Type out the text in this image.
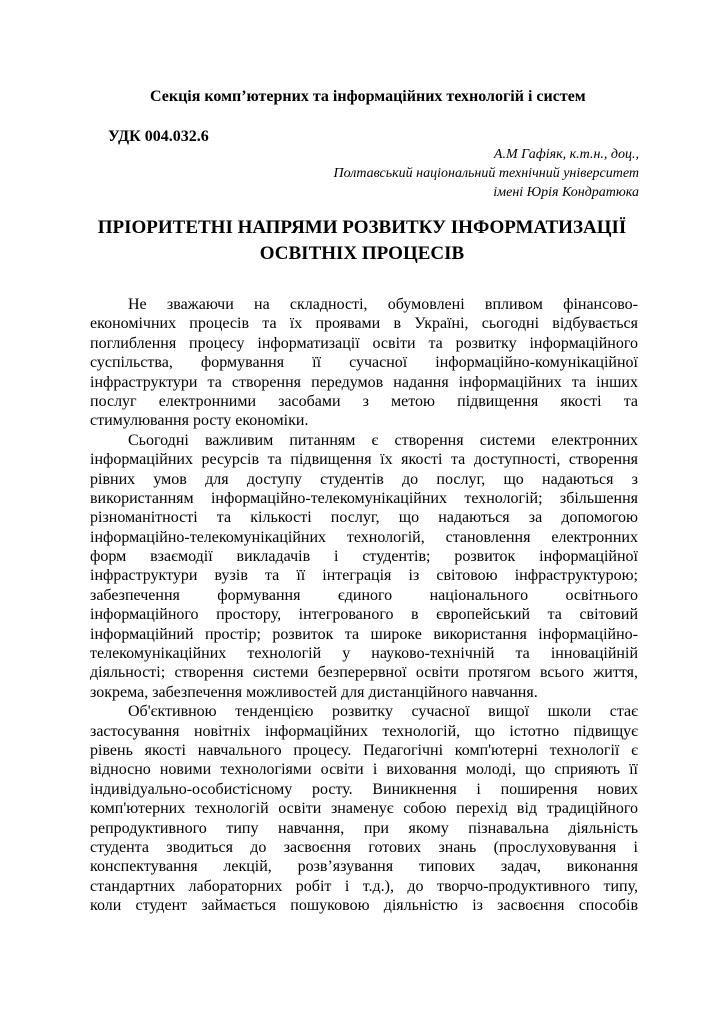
Секція комп’ютерних та інформаційних технологій і систем
УДК 004.032.6
А.М Гафіяк, к.т.н., доц.,
Полтавський національний технічний університет
імені Юрія Кондратюка
ПРІОРИТЕТНІ НАПРЯМИ РОЗВИТКУ ІНФОРМАТИЗАЦІЇ
ОСВІТНІХ ПРОЦЕСІВ
Не зважаючи на складності, обумовлені впливом фінансово-
економічних процесів та їх проявами в Україні, сьогодні відбувається
поглиблення процесу інформатизації освіти та розвитку інформаційного
суспільства, формування її сучасної інформаційно-комунікаційної
інфраструктури та створення передумов надання інформаційних та інших
послуг електронними засобами з метою підвищення якості та
стимулювання росту економіки.
Сьогодні важливим питанням є створення системи електронних
інформаційних ресурсів та підвищення їх якості та доступності, створення
рівних умов для доступу студентів до послуг, що надаються з
використанням інформаційно-телекомунікаційних технологій; збільшення
різноманітності та кількості послуг, що надаються за допомогою
інформаційно-телекомунікаційних технологій, становлення електронних
форм взаємодії викладачів і студентів; розвиток інформаційної
інфраструктури вузів та її інтеграція із світовою інфраструктурою;
забезпечення формування єдиного національного освітнього
інформаційного простору, інтегрованого в європейський та світовий
інформаційний простір; розвиток та широке використання інформаційно-
телекомунікаційних технологій у науково-технічній та інноваційній
діяльності; створення системи безперервної освіти протягом всього життя,
зокрема, забезпечення можливостей для дистанційного навчання.
Об'єктивною тенденцією розвитку сучасної вищої школи стає
застосування новітніх інформаційних технологій, що істотно підвищує
рівень якості навчального процесу. Педагогічні комп'ютерні технології є
відносно новими технологіями освіти і виховання молоді, що сприяють її
індивідуально-особистісному росту. Виникнення і поширення нових
комп'ютерних технологій освіти знаменує собою перехід від традиційного
репродуктивного типу навчання, при якому пізнавальна діяльність
студента зводиться до засвоєння готових знань (прослуховування і
конспектування лекцій, розв’язування типових задач, виконання
стандартних лабораторних робіт і т.д.), до творчо-продуктивного типу,
коли студент займається пошуковою діяльністю із засвоєння способів
